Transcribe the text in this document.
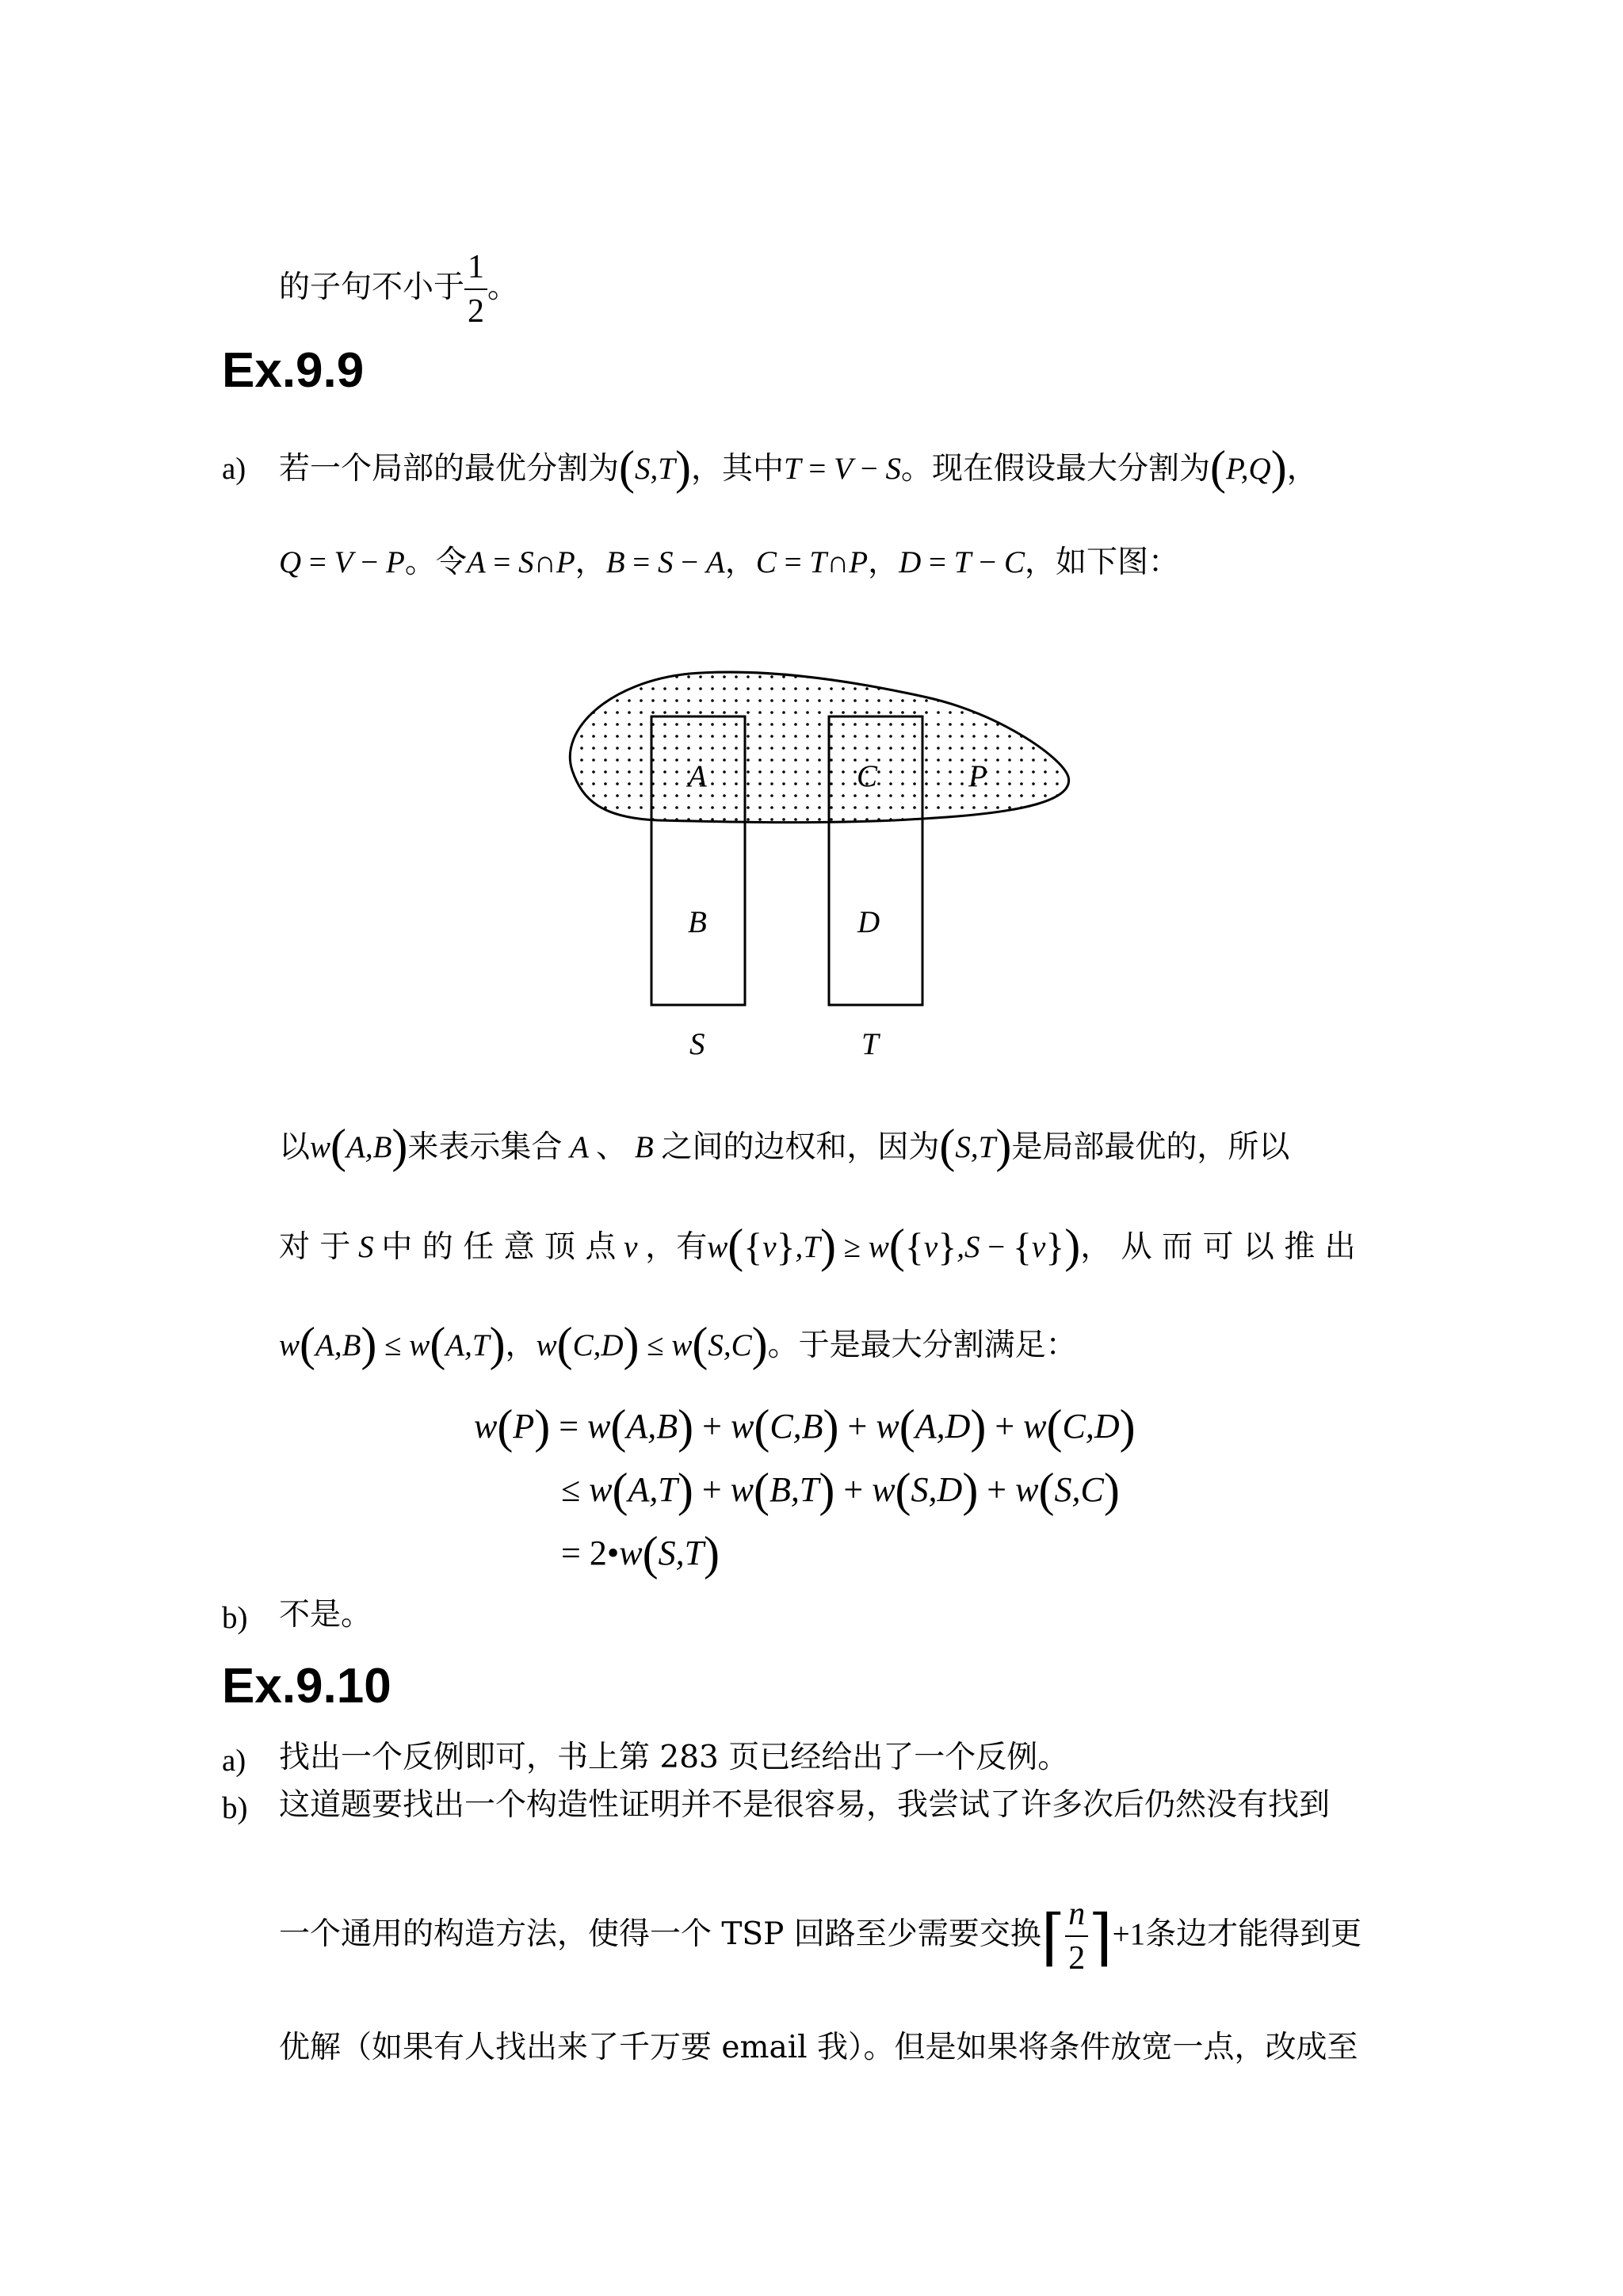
的子句不小于 $\frac{1}{2}$ 。
Ex.9.9
a) 若一个局部的最优分割为(S,T)，其中T = V − S。现在假设最大分割为(P,Q)，
Q = V − P。令A = S∩P，B = S − A，C = T∩P，D = T − C，如下图：
A	C	P
B	D
S	T
以w(A,B)来表示集合 A 、 B 之间的边权和，因为(S,T)是局部最优的，所以
对 于 S 中 的 任 意 顶 点 v ，有w({v},T) ≥ w({v},S − {v})， 从 而 可 以 推 出
w(A,B) ≤ w(A,T)，w(C,D) ≤ w(S,C)。于是最大分割满足：
w(P) = w(A,B) + w(C,B) + w(A,D) + w(C,D)
≤ w(A,T) + w(B,T) + w(S,D) + w(S,C)
= 2•w(S,T)
b) 不是。
Ex.9.10
a) 找出一个反例即可，书上第 283 页已经给出了一个反例。
b) 这道题要找出一个构造性证明并不是很容易，我尝试了许多次后仍然没有找到
一个通用的构造方法，使得一个 TSP 回路至少需要交换⌈ $\frac{n}{2}$ ⌉+1条边才能得到更
优解（如果有人找出来了千万要 email 我）。但是如果将条件放宽一点，改成至
